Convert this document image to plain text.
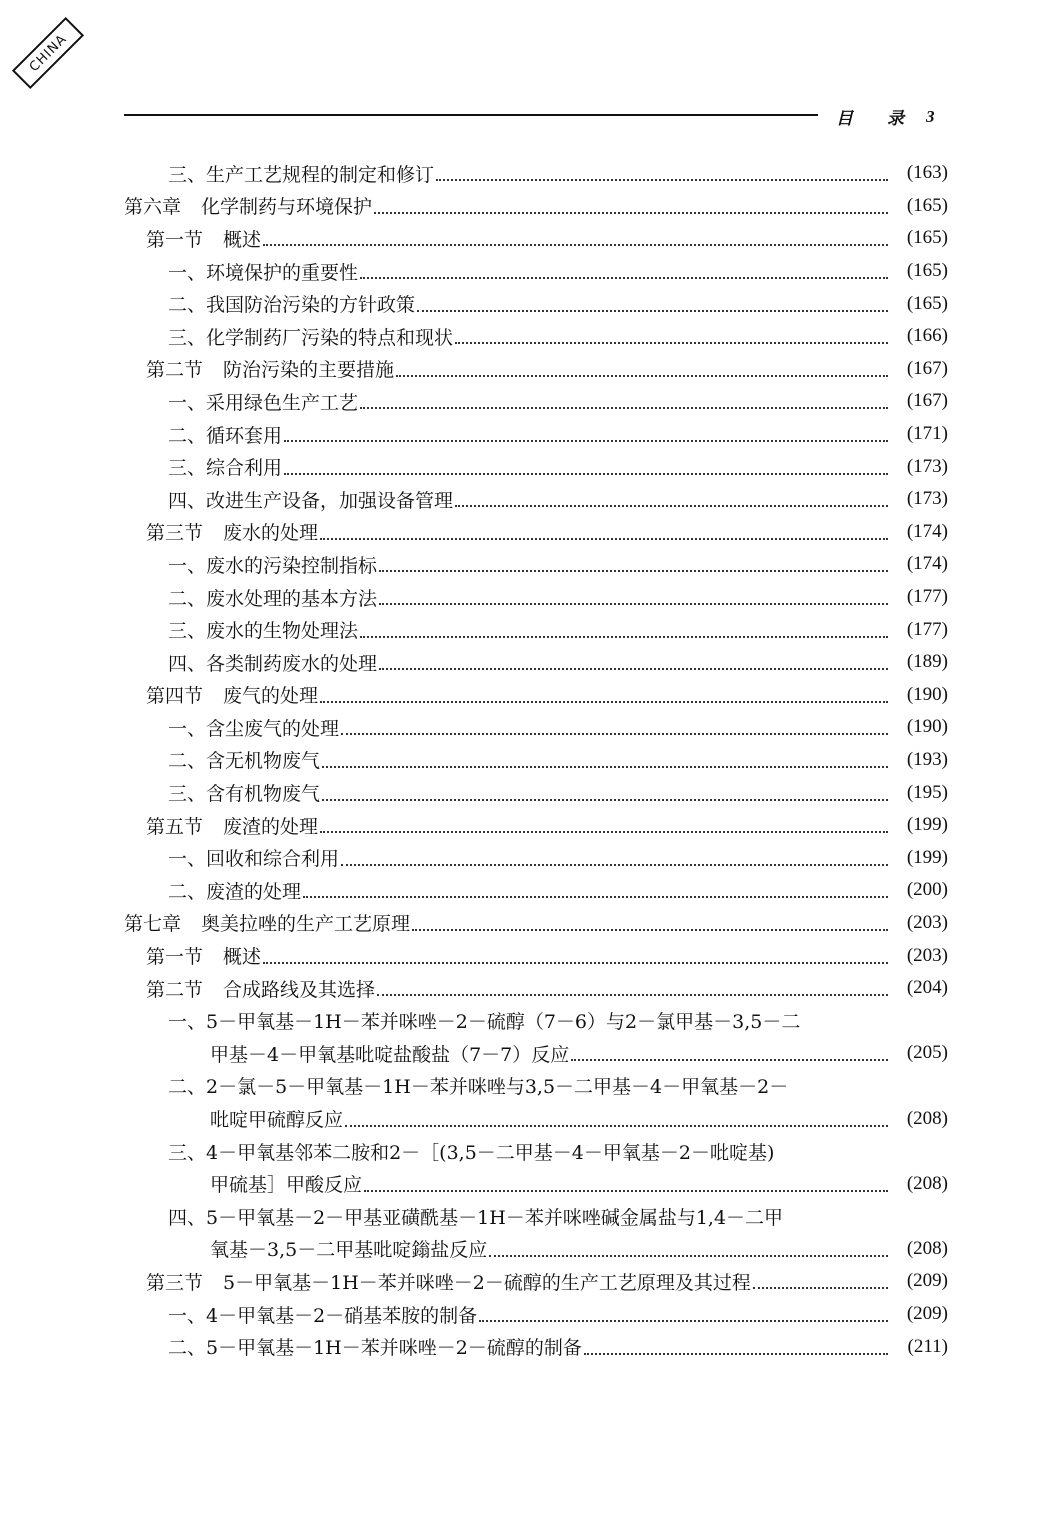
CHINA
目 录 3
三、生产工艺规程的制定和修订	(163)
第六章 化学制药与环境保护	(165)
第一节 概述	(165)
一、环境保护的重要性	(165)
二、我国防治污染的方针政策	(165)
三、化学制药厂污染的特点和现状	(166)
第二节 防治污染的主要措施	(167)
一、采用绿色生产工艺	(167)
二、循环套用	(171)
三、综合利用	(173)
四、改进生产设备，加强设备管理	(173)
第三节 废水的处理	(174)
一、废水的污染控制指标	(174)
二、废水处理的基本方法	(177)
三、废水的生物处理法	(177)
四、各类制药废水的处理	(189)
第四节 废气的处理	(190)
一、含尘废气的处理	(190)
二、含无机物废气	(193)
三、含有机物废气	(195)
第五节 废渣的处理	(199)
一、回收和综合利用	(199)
二、废渣的处理	(200)
第七章 奥美拉唑的生产工艺原理	(203)
第一节 概述	(203)
第二节 合成路线及其选择	(204)
一、5－甲氧基－1H－苯并咪唑－2－硫醇（7－6）与2－氯甲基－3,5－二
甲基－4－甲氧基吡啶盐酸盐（7－7）反应	(205)
二、2－氯－5－甲氧基－1H－苯并咪唑与3,5－二甲基－4－甲氧基－2－
吡啶甲硫醇反应	(208)
三、4－甲氧基邻苯二胺和2－［(3,5－二甲基－4－甲氧基－2－吡啶基)
甲硫基］甲酸反应	(208)
四、5－甲氧基－2－甲基亚磺酰基－1H－苯并咪唑碱金属盐与1,4－二甲
氧基－3,5－二甲基吡啶鎓盐反应	(208)
第三节 5－甲氧基－1H－苯并咪唑－2－硫醇的生产工艺原理及其过程	(209)
一、4－甲氧基－2－硝基苯胺的制备	(209)
二、5－甲氧基－1H－苯并咪唑－2－硫醇的制备	(211)
